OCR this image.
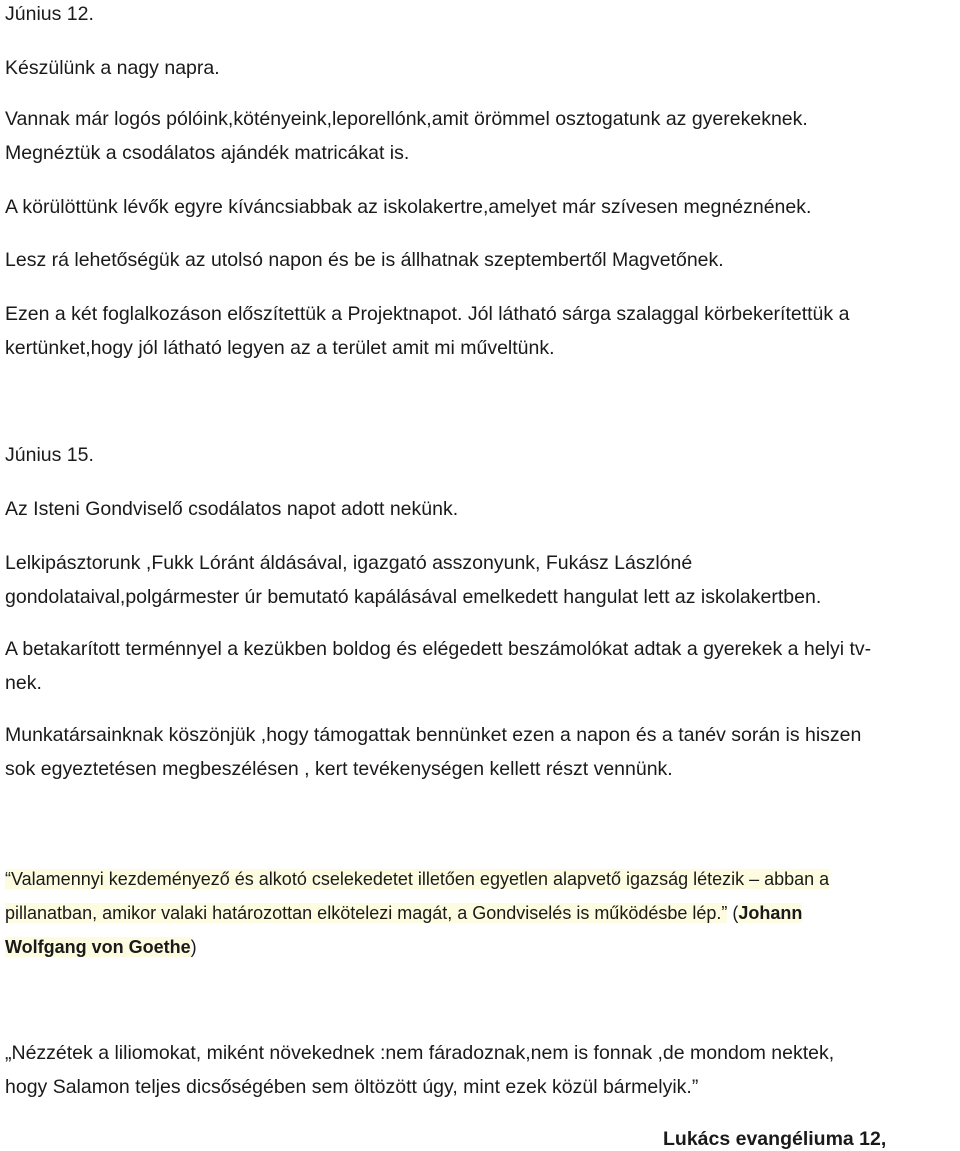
Június 12.

Készülünk a nagy napra.

Vannak már logós pólóink,kötényeink,leporellónk,amit örömmel osztogatunk az gyerekeknek.

Megnéztük a csodálatos ajándék matricákat is.

A körülöttünk lévők egyre kíváncsiabbak az iskolakertre,amelyet már szívesen megnéznének.

Lesz rá lehetőségük az utolsó napon és be is állhatnak szeptembertől Magvetőnek.

Ezen a két foglalkozáson előszítettük a Projektnapot. Jól látható sárga szalaggal körbekerítettük a

kertünket,hogy jól látható legyen az a terület amit mi műveltünk.

Június 15.

Az Isteni Gondviselő csodálatos napot adott nekünk.

Lelkipásztorunk ,Fukk Lóránt áldásával, igazgató asszonyunk, Fukász Lászlóné

gondolataival,polgármester úr bemutató kapálásával emelkedett hangulat lett az iskolakertben.

A betakarított terménnyel a kezükben boldog és elégedett beszámolókat adtak a gyerekek a helyi tv-

nek.

Munkatársainknak köszönjük ,hogy támogattak bennünket ezen a napon és a tanév során is hiszen

sok egyeztetésen megbeszélésen , kert tevékenységen kellett részt vennünk.

“Valamennyi kezdeményező és alkotó cselekedetet illetően egyetlen alapvető igazság létezik – abban a

pillanatban, amikor valaki határozottan elkötelezi magát, a Gondviselés is működésbe lép.” (Johann

Wolfgang von Goethe)

„Nézzétek a liliomokat, miként növekednek :nem fáradoznak,nem is fonnak ,de mondom nektek,

hogy Salamon teljes dicsőségében sem öltözött úgy, mint ezek közül bármelyik.”

Lukács evangéliuma 12,
